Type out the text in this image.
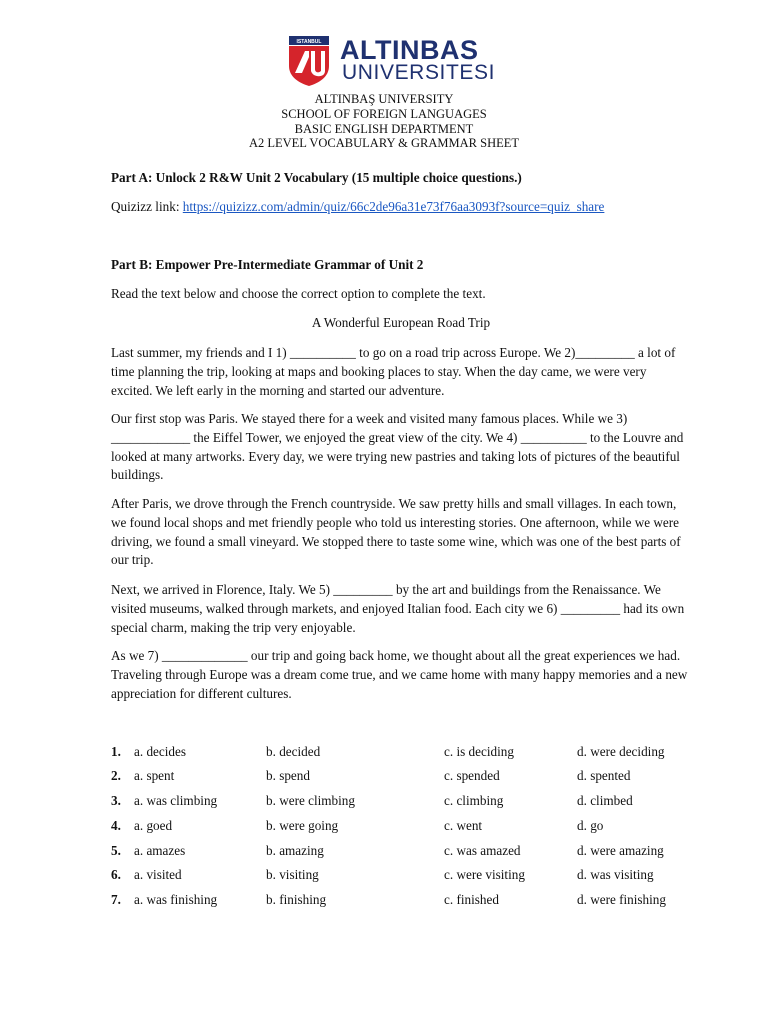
ISTANBUL ALTINBAS
UNIVERSITESI
ALTINBAŞ UNIVERSITY
SCHOOL OF FOREIGN LANGUAGES
BASIC ENGLISH DEPARTMENT
A2 LEVEL VOCABULARY & GRAMMAR SHEET
Part A: Unlock 2 R&W Unit 2 Vocabulary (15 multiple choice questions.)
Quizizz link: https://quizizz.com/admin/quiz/66c2de96a31e73f76aa3093f?source=quiz_share
Part B: Empower Pre-Intermediate Grammar of Unit 2
Read the text below and choose the correct option to complete the text.
A Wonderful European Road Trip
Last summer, my friends and I 1) __________ to go on a road trip across Europe. We 2)_________ a lot of time planning the trip, looking at maps and booking places to stay. When the day came, we were very excited. We left early in the morning and started our adventure.
Our first stop was Paris. We stayed there for a week and visited many famous places. While we 3) ____________ the Eiffel Tower, we enjoyed the great view of the city. We 4) __________ to the Louvre and looked at many artworks. Every day, we were trying new pastries and taking lots of pictures of the beautiful buildings.
After Paris, we drove through the French countryside. We saw pretty hills and small villages. In each town, we found local shops and met friendly people who told us interesting stories. One afternoon, while we were driving, we found a small vineyard. We stopped there to taste some wine, which was one of the best parts of our trip.
Next, we arrived in Florence, Italy. We 5) _________ by the art and buildings from the Renaissance. We visited museums, walked through markets, and enjoyed Italian food. Each city we 6) _________ had its own special charm, making the trip very enjoyable.
As we 7) _____________ our trip and going back home, we thought about all the great experiences we had. Traveling through Europe was a dream come true, and we came home with many happy memories and a new appreciation for different cultures.
1. a. decides	b. decided	c. is deciding	d. were deciding
2. a. spent	b. spend	c. spended	d. spented
3. a. was climbing	b. were climbing	c. climbing	d. climbed
4. a. goed	b. were going	c. went	d. go
5. a. amazes	b. amazing	c. was amazed	d. were amazing
6. a. visited	b. visiting	c. were visiting	d. was visiting
7. a. was finishing	b. finishing	c. finished	d. were finishing
